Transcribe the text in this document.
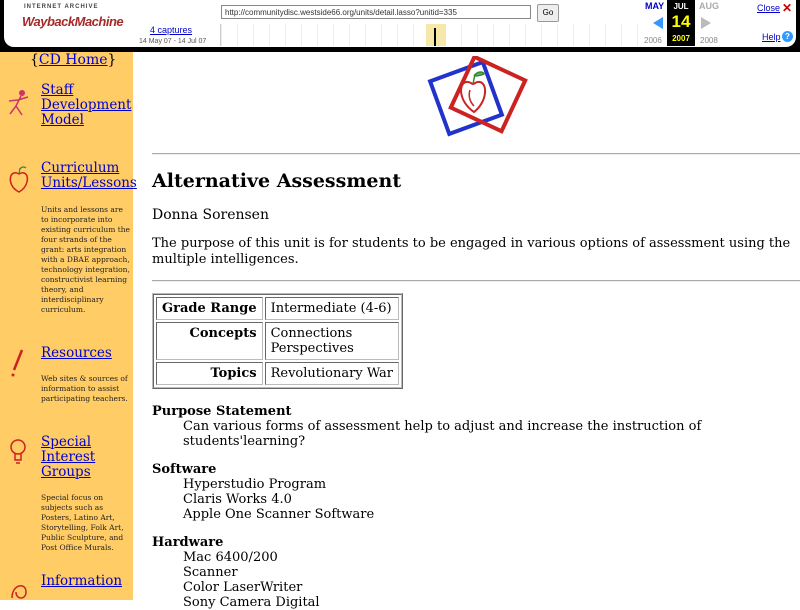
INTERNET ARCHIVE
WaybackMachine
http://communitydisc.westside66.org/units/detail.lasso?unitid=335	Go
4 captures
14 May 07 - 14 Jul 07
MAY
2006
JUL
14
2007
AUG
2008
Close ✕
Help ?
{CD Home}
Staff
Development
Model
Curriculum
Units/Lessons
Units and lessons are to incorporate into existing curriculum the four strands of the grant: arts integration with a DBAE approach, technology integration, constructivist learning theory, and interdisciplinary curriculum.
Resources
Web sites & sources of information to assist participating teachers.
Special
Interest
Groups
Special focus on subjects such as Posters, Latino Art, Storytelling, Folk Art, Public Sculpture, and Post Office Murals.
Information
Alternative Assessment
Donna Sorensen
The purpose of this unit is for students to be engaged in various options of assessment using the multiple intelligences.
Grade Range	Intermediate (4-6)
Concepts	Connections
Perspectives
Topics	Revolutionary War
Purpose Statement
Can various forms of assessment help to adjust and increase the instruction of students'learning?
Software
Hyperstudio Program
Claris Works 4.0
Apple One Scanner Software
Hardware
Mac 6400/200
Scanner
Color LaserWriter
Sony Camera Digital
